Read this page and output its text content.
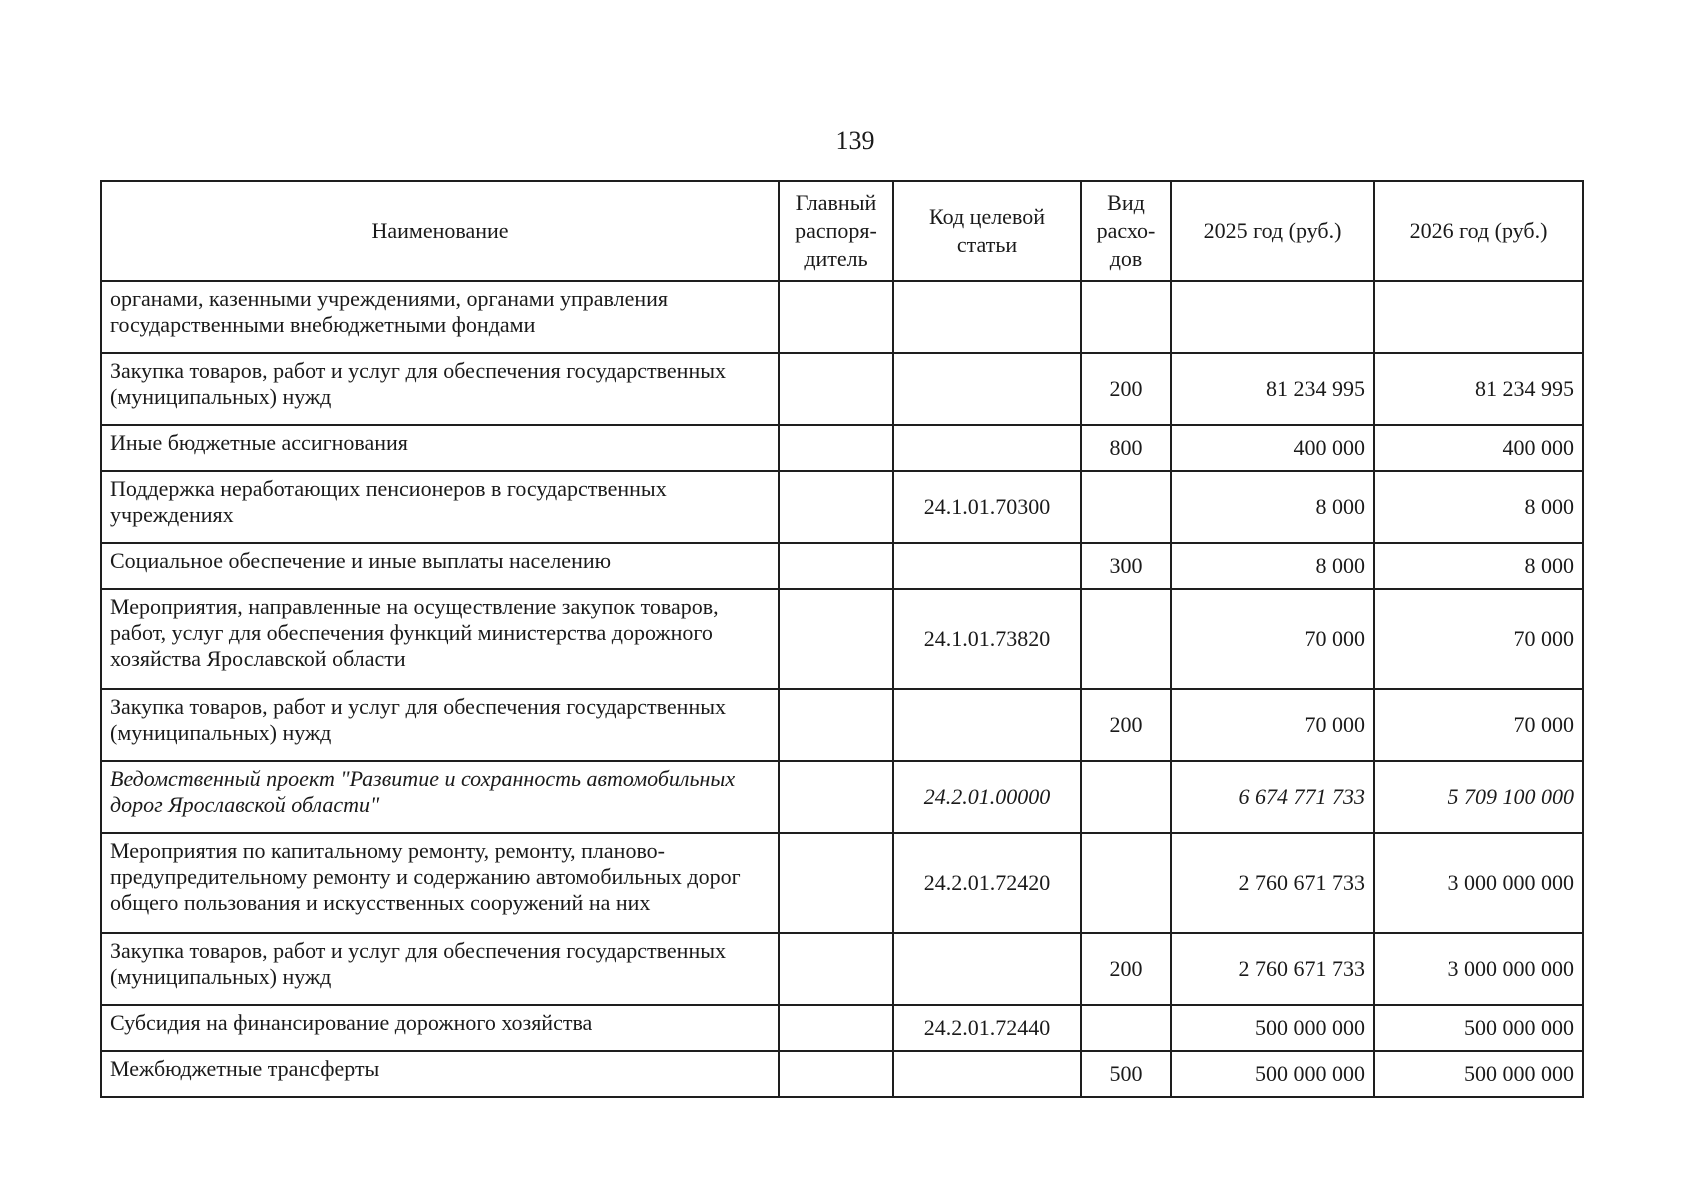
139
Наименование	Главный распоря-дитель	Код целевой статьи	Вид расхо-дов	2025 год (руб.)	2026 год (руб.)
органами, казенными учреждениями, органами управления государственными внебюджетными фондами					
Закупка товаров, работ и услуг для обеспечения государственных (муниципальных) нужд			200	81 234 995	81 234 995
Иные бюджетные ассигнования			800	400 000	400 000
Поддержка неработающих пенсионеров в государственных учреждениях		24.1.01.70300		8 000	8 000
Социальное обеспечение и иные выплаты населению			300	8 000	8 000
Мероприятия, направленные на осуществление закупок товаров, работ, услуг для обеспечения функций министерства дорожного хозяйства Ярославской области		24.1.01.73820		70 000	70 000
Закупка товаров, работ и услуг для обеспечения государственных (муниципальных) нужд			200	70 000	70 000
Ведомственный проект "Развитие и сохранность автомобильных дорог Ярославской области"		24.2.01.00000		6 674 771 733	5 709 100 000
Мероприятия по капитальному ремонту, ремонту, планово-предупредительному ремонту и содержанию автомобильных дорог общего пользования и искусственных сооружений на них		24.2.01.72420		2 760 671 733	3 000 000 000
Закупка товаров, работ и услуг для обеспечения государственных (муниципальных) нужд			200	2 760 671 733	3 000 000 000
Субсидия на финансирование дорожного хозяйства		24.2.01.72440		500 000 000	500 000 000
Межбюджетные трансферты			500	500 000 000	500 000 000
